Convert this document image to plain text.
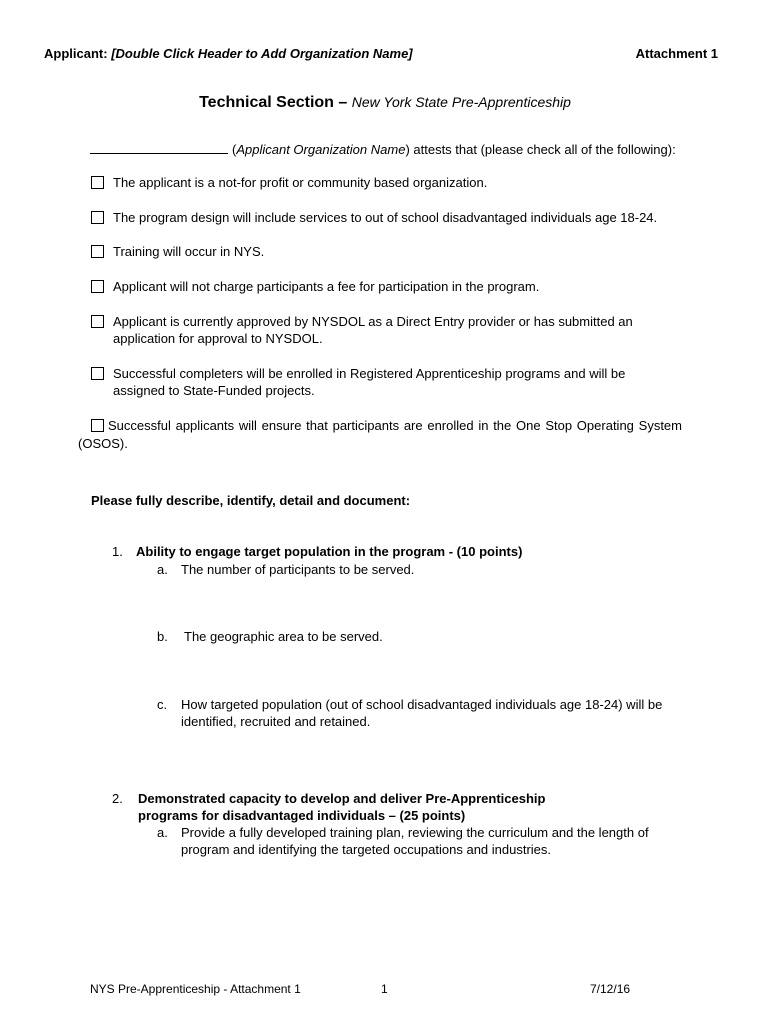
Applicant: [Double Click Header to Add Organization Name]	Attachment 1
Technical Section – New York State Pre-Apprenticeship
(Applicant Organization Name) attests that (please check all of the following):
The applicant is a not-for profit or community based organization.
The program design will include services to out of school disadvantaged individuals age 18-24.
Training will occur in NYS.
Applicant will not charge participants a fee for participation in the program.
Applicant is currently approved by NYSDOL as a Direct Entry provider or has submitted an application for approval to NYSDOL.
Successful completers will be enrolled in Registered Apprenticeship programs and will be assigned to State-Funded projects.
Successful applicants will ensure that participants are enrolled in the One Stop Operating System (OSOS).
Please fully describe, identify, detail and document:
1. Ability to engage target population in the program - (10 points)
a. The number of participants to be served.
b. The geographic area to be served.
c. How targeted population (out of school disadvantaged individuals age 18-24) will be identified, recruited and retained.
2. Demonstrated capacity to develop and deliver Pre-Apprenticeship programs for disadvantaged individuals – (25 points)
a. Provide a fully developed training plan, reviewing the curriculum and the length of program and identifying the targeted occupations and industries.
NYS Pre-Apprenticeship - Attachment 1	1	7/12/16
